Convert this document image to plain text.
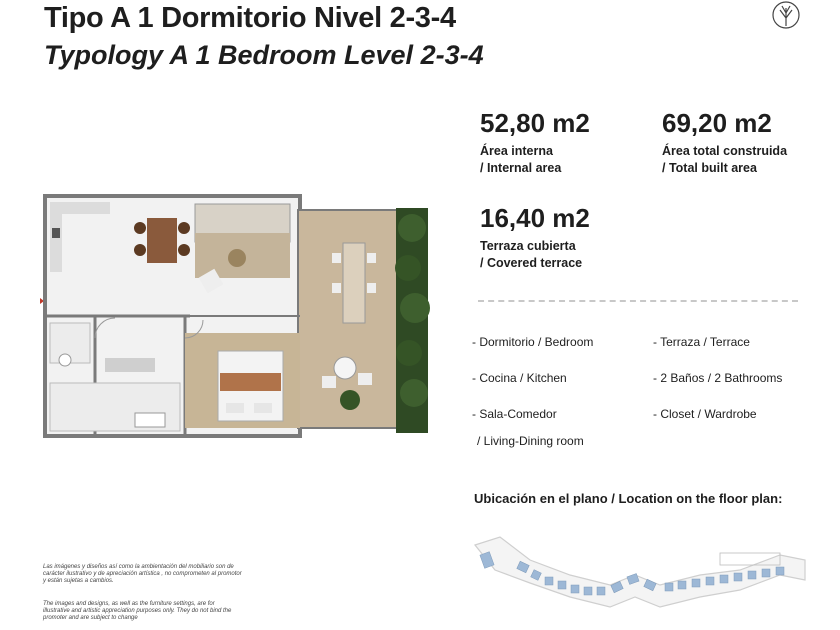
Tipo A 1 Dormitorio Nivel 2-3-4
Typology A 1 Bedroom Level 2-3-4
52,80 m2
Área interna
/ Internal area
69,20 m2
Área total construida
/ Total built area
16,40 m2
Terraza cubierta
/ Covered terrace
- Dormitorio / Bedroom
- Cocina / Kitchen
- Sala-Comedor
/ Living-Dining room
- Terraza / Terrace
- 2 Baños / 2 Bathrooms
- Closet / Wardrobe
Ubicación en el plano / Location on the floor plan:
Las imágenes y diseños así como la ambientación del mobiliario son de carácter ilustrativo y de apreciación artística , no comprometen al promotor y están sujetas a cambios.
The images and designs, as well as the furniture settings, are for illustrative and artistic appreciation purposes only. They do not bind the promoter and are subject to change
